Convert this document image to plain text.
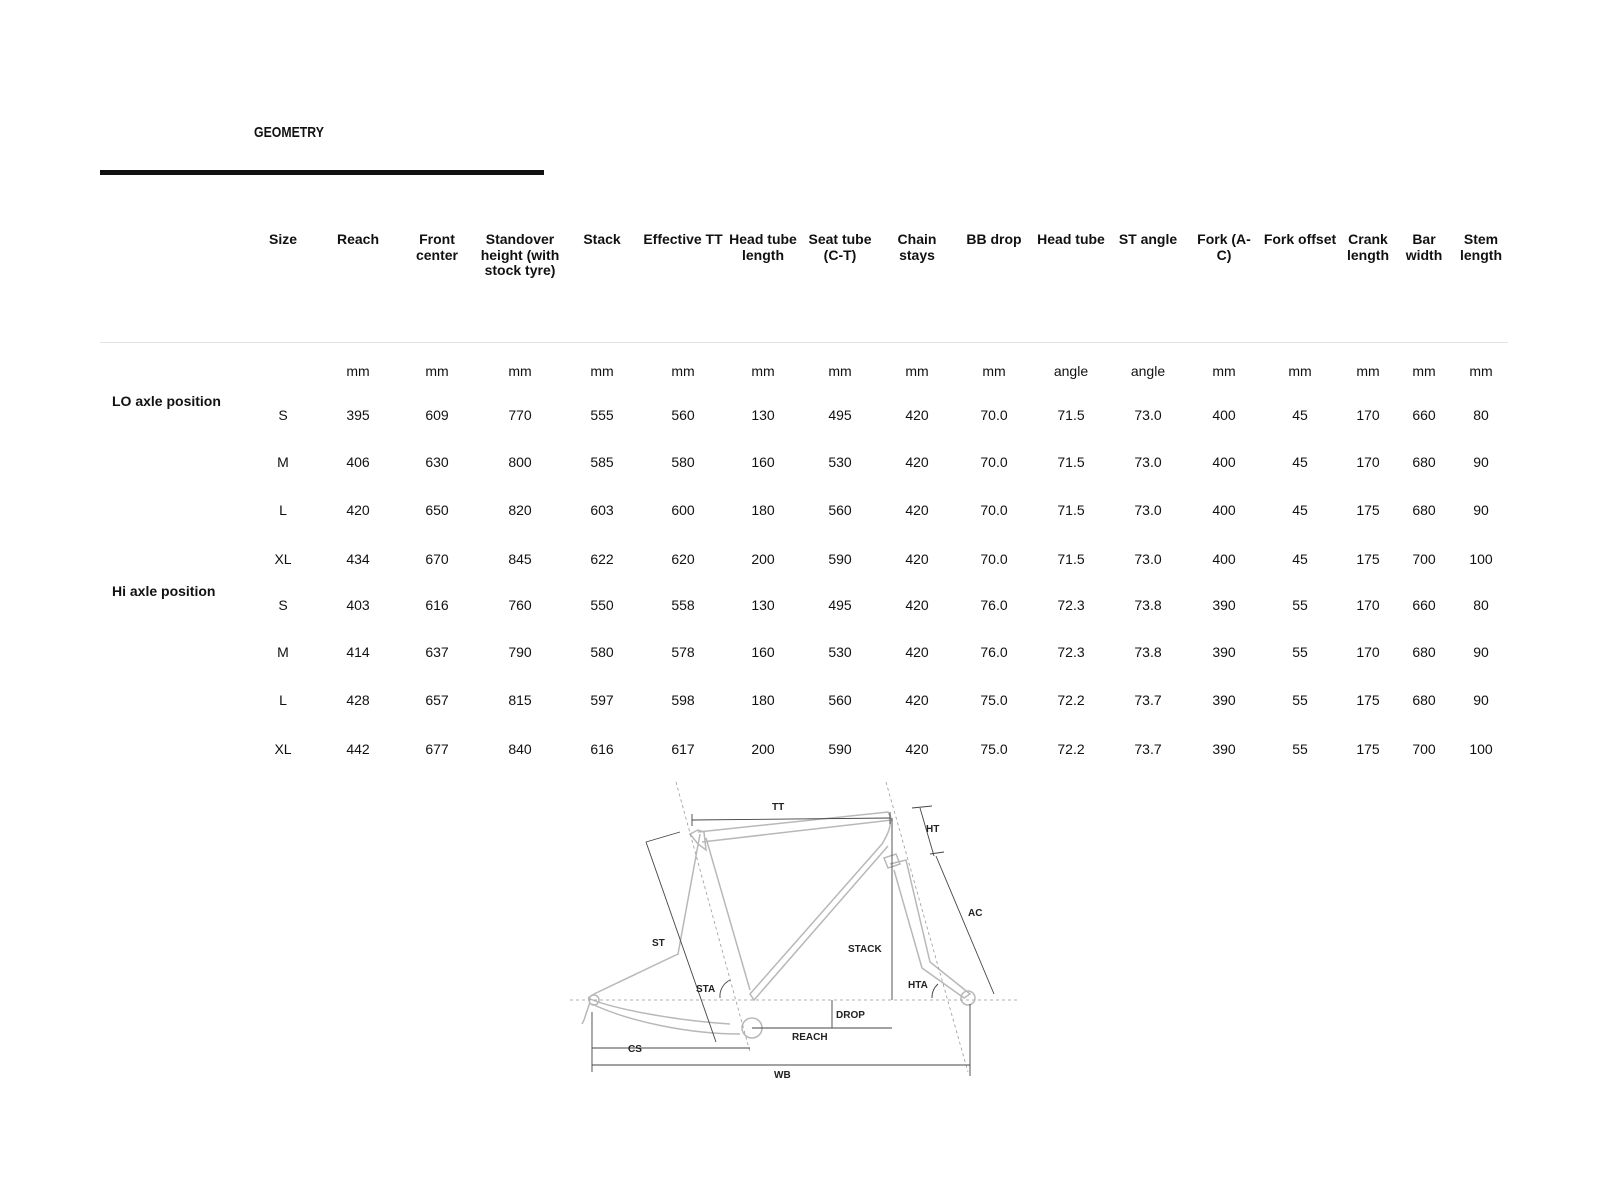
GEOMETRY
	Size	Reach	Front center	Standover height (with stock tyre)	Stack	Effective TT	Head tube length	Seat tube (C-T)	Chain stays	BB drop	Head tube	ST angle	Fork (A-C)	Fork offset	Crank length	Bar width	Stem length	

		mm	mm	mm	mm	mm	mm	mm	mm	mm	angle	angle	mm	mm	mm	mm	mm	
LO axle position	S	395	609	770	555	560	130	495	420	70.0	71.5	73.0	400	45	170	660	80	
	M	406	630	800	585	580	160	530	420	70.0	71.5	73.0	400	45	170	680	90	
	L	420	650	820	603	600	180	560	420	70.0	71.5	73.0	400	45	175	680	90	
	XL	434	670	845	622	620	200	590	420	70.0	71.5	73.0	400	45	175	700	100	
Hi axle position	S	403	616	760	550	558	130	495	420	76.0	72.3	73.8	390	55	170	660	80	
	M	414	637	790	580	578	160	530	420	76.0	72.3	73.8	390	55	170	680	90	
	L	428	657	815	597	598	180	560	420	75.0	72.2	73.7	390	55	175	680	90	
	XL	442	677	840	616	617	200	590	420	75.0	72.2	73.7	390	55	175	700	100	
TT
HT
AC
ST
STACK
STA	HTA
DROP
REACH
CS
WB
